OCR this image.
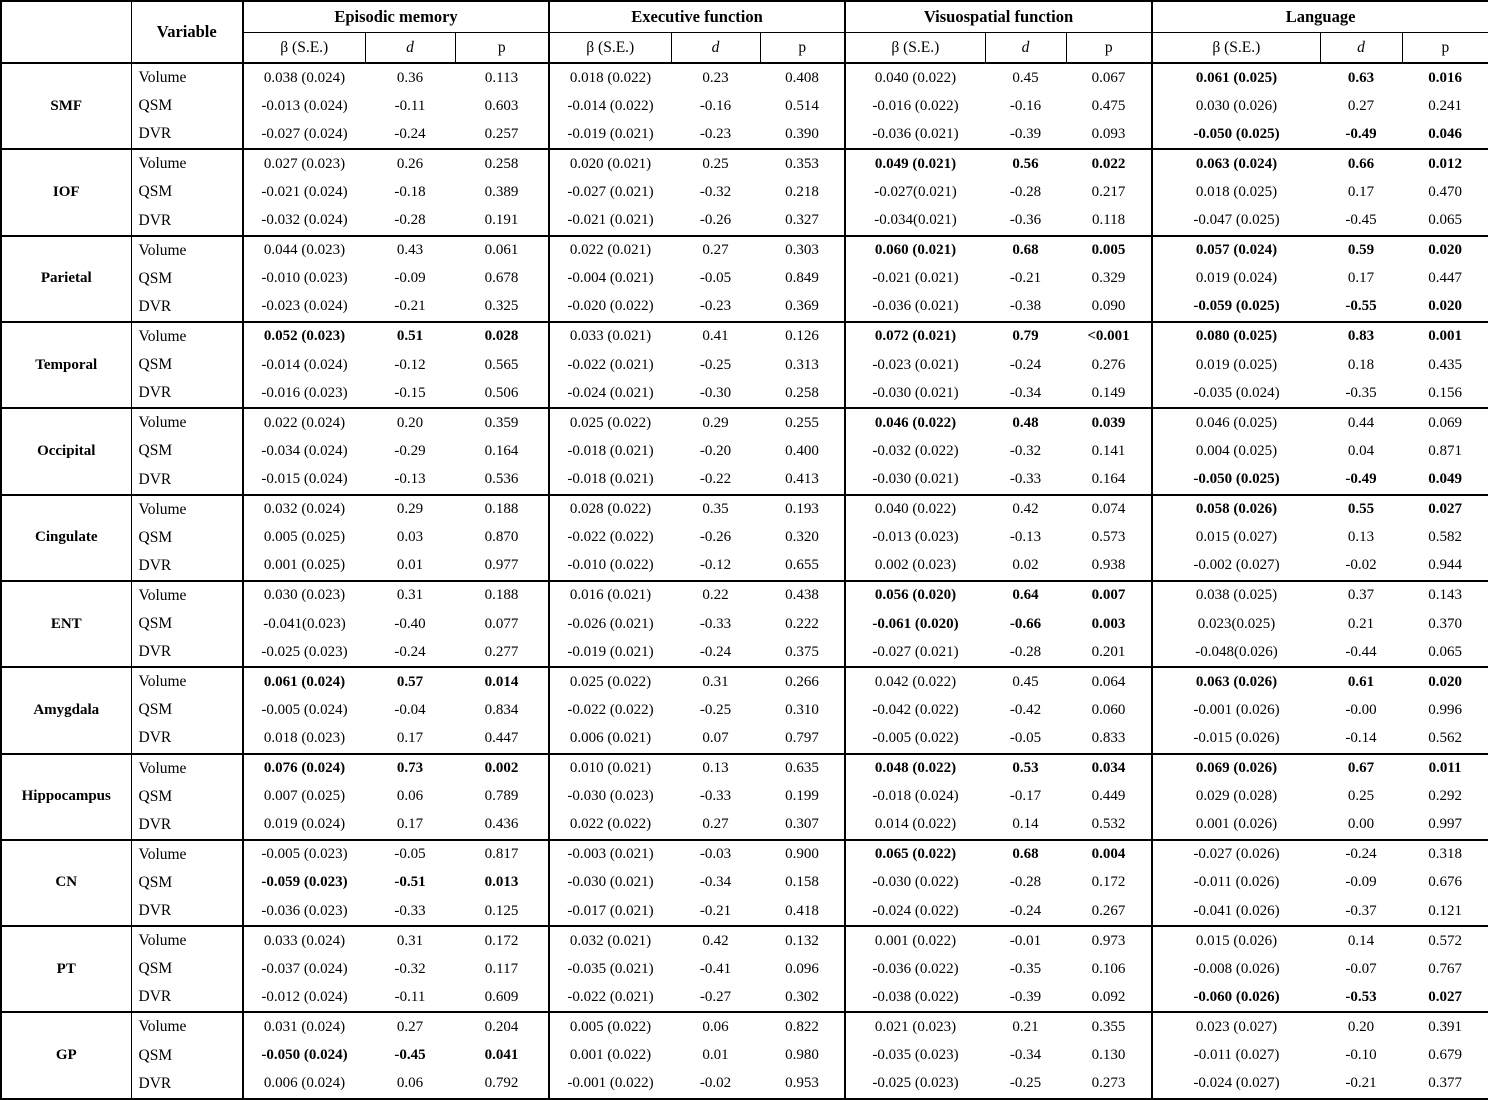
	Variable	Episodic memory			Executive function			Visuospatial function			Language		
		β (S.E.)	d	p	β (S.E.)	d	p	β (S.E.)	d	p	β (S.E.)	d	p
SMF	Volume	0.038 (0.024)	0.36	0.113	0.018 (0.022)	0.23	0.408	0.040 (0.022)	0.45	0.067	0.061 (0.025)	0.63	0.016
	QSM	-0.013 (0.024)	-0.11	0.603	-0.014 (0.022)	-0.16	0.514	-0.016 (0.022)	-0.16	0.475	0.030 (0.026)	0.27	0.241
	DVR	-0.027 (0.024)	-0.24	0.257	-0.019 (0.021)	-0.23	0.390	-0.036 (0.021)	-0.39	0.093	-0.050 (0.025)	-0.49	0.046
IOF	Volume	0.027 (0.023)	0.26	0.258	0.020 (0.021)	0.25	0.353	0.049 (0.021)	0.56	0.022	0.063 (0.024)	0.66	0.012
	QSM	-0.021 (0.024)	-0.18	0.389	-0.027 (0.021)	-0.32	0.218	-0.027(0.021)	-0.28	0.217	0.018 (0.025)	0.17	0.470
	DVR	-0.032 (0.024)	-0.28	0.191	-0.021 (0.021)	-0.26	0.327	-0.034(0.021)	-0.36	0.118	-0.047 (0.025)	-0.45	0.065
Parietal	Volume	0.044 (0.023)	0.43	0.061	0.022 (0.021)	0.27	0.303	0.060 (0.021)	0.68	0.005	0.057 (0.024)	0.59	0.020
	QSM	-0.010 (0.023)	-0.09	0.678	-0.004 (0.021)	-0.05	0.849	-0.021 (0.021)	-0.21	0.329	0.019 (0.024)	0.17	0.447
	DVR	-0.023 (0.024)	-0.21	0.325	-0.020 (0.022)	-0.23	0.369	-0.036 (0.021)	-0.38	0.090	-0.059 (0.025)	-0.55	0.020
Temporal	Volume	0.052 (0.023)	0.51	0.028	0.033 (0.021)	0.41	0.126	0.072 (0.021)	0.79	<0.001	0.080 (0.025)	0.83	0.001
	QSM	-0.014 (0.024)	-0.12	0.565	-0.022 (0.021)	-0.25	0.313	-0.023 (0.021)	-0.24	0.276	0.019 (0.025)	0.18	0.435
	DVR	-0.016 (0.023)	-0.15	0.506	-0.024 (0.021)	-0.30	0.258	-0.030 (0.021)	-0.34	0.149	-0.035 (0.024)	-0.35	0.156
Occipital	Volume	0.022 (0.024)	0.20	0.359	0.025 (0.022)	0.29	0.255	0.046 (0.022)	0.48	0.039	0.046 (0.025)	0.44	0.069
	QSM	-0.034 (0.024)	-0.29	0.164	-0.018 (0.021)	-0.20	0.400	-0.032 (0.022)	-0.32	0.141	0.004 (0.025)	0.04	0.871
	DVR	-0.015 (0.024)	-0.13	0.536	-0.018 (0.021)	-0.22	0.413	-0.030 (0.021)	-0.33	0.164	-0.050 (0.025)	-0.49	0.049
Cingulate	Volume	0.032 (0.024)	0.29	0.188	0.028 (0.022)	0.35	0.193	0.040 (0.022)	0.42	0.074	0.058 (0.026)	0.55	0.027
	QSM	0.005 (0.025)	0.03	0.870	-0.022 (0.022)	-0.26	0.320	-0.013 (0.023)	-0.13	0.573	0.015 (0.027)	0.13	0.582
	DVR	0.001 (0.025)	0.01	0.977	-0.010 (0.022)	-0.12	0.655	0.002 (0.023)	0.02	0.938	-0.002 (0.027)	-0.02	0.944
ENT	Volume	0.030 (0.023)	0.31	0.188	0.016 (0.021)	0.22	0.438	0.056 (0.020)	0.64	0.007	0.038 (0.025)	0.37	0.143
	QSM	-0.041(0.023)	-0.40	0.077	-0.026 (0.021)	-0.33	0.222	-0.061 (0.020)	-0.66	0.003	0.023(0.025)	0.21	0.370
	DVR	-0.025 (0.023)	-0.24	0.277	-0.019 (0.021)	-0.24	0.375	-0.027 (0.021)	-0.28	0.201	-0.048(0.026)	-0.44	0.065
Amygdala	Volume	0.061 (0.024)	0.57	0.014	0.025 (0.022)	0.31	0.266	0.042 (0.022)	0.45	0.064	0.063 (0.026)	0.61	0.020
	QSM	-0.005 (0.024)	-0.04	0.834	-0.022 (0.022)	-0.25	0.310	-0.042 (0.022)	-0.42	0.060	-0.001 (0.026)	-0.00	0.996
	DVR	0.018 (0.023)	0.17	0.447	0.006 (0.021)	0.07	0.797	-0.005 (0.022)	-0.05	0.833	-0.015 (0.026)	-0.14	0.562
Hippocampus	Volume	0.076 (0.024)	0.73	0.002	0.010 (0.021)	0.13	0.635	0.048 (0.022)	0.53	0.034	0.069 (0.026)	0.67	0.011
	QSM	0.007 (0.025)	0.06	0.789	-0.030 (0.023)	-0.33	0.199	-0.018 (0.024)	-0.17	0.449	0.029 (0.028)	0.25	0.292
	DVR	0.019 (0.024)	0.17	0.436	0.022 (0.022)	0.27	0.307	0.014 (0.022)	0.14	0.532	0.001 (0.026)	0.00	0.997
CN	Volume	-0.005 (0.023)	-0.05	0.817	-0.003 (0.021)	-0.03	0.900	0.065 (0.022)	0.68	0.004	-0.027 (0.026)	-0.24	0.318
	QSM	-0.059 (0.023)	-0.51	0.013	-0.030 (0.021)	-0.34	0.158	-0.030 (0.022)	-0.28	0.172	-0.011 (0.026)	-0.09	0.676
	DVR	-0.036 (0.023)	-0.33	0.125	-0.017 (0.021)	-0.21	0.418	-0.024 (0.022)	-0.24	0.267	-0.041 (0.026)	-0.37	0.121
PT	Volume	0.033 (0.024)	0.31	0.172	0.032 (0.021)	0.42	0.132	0.001 (0.022)	-0.01	0.973	0.015 (0.026)	0.14	0.572
	QSM	-0.037 (0.024)	-0.32	0.117	-0.035 (0.021)	-0.41	0.096	-0.036 (0.022)	-0.35	0.106	-0.008 (0.026)	-0.07	0.767
	DVR	-0.012 (0.024)	-0.11	0.609	-0.022 (0.021)	-0.27	0.302	-0.038 (0.022)	-0.39	0.092	-0.060 (0.026)	-0.53	0.027
GP	Volume	0.031 (0.024)	0.27	0.204	0.005 (0.022)	0.06	0.822	0.021 (0.023)	0.21	0.355	0.023 (0.027)	0.20	0.391
	QSM	-0.050 (0.024)	-0.45	0.041	0.001 (0.022)	0.01	0.980	-0.035 (0.023)	-0.34	0.130	-0.011 (0.027)	-0.10	0.679
	DVR	0.006 (0.024)	0.06	0.792	-0.001 (0.022)	-0.02	0.953	-0.025 (0.023)	-0.25	0.273	-0.024 (0.027)	-0.21	0.377
